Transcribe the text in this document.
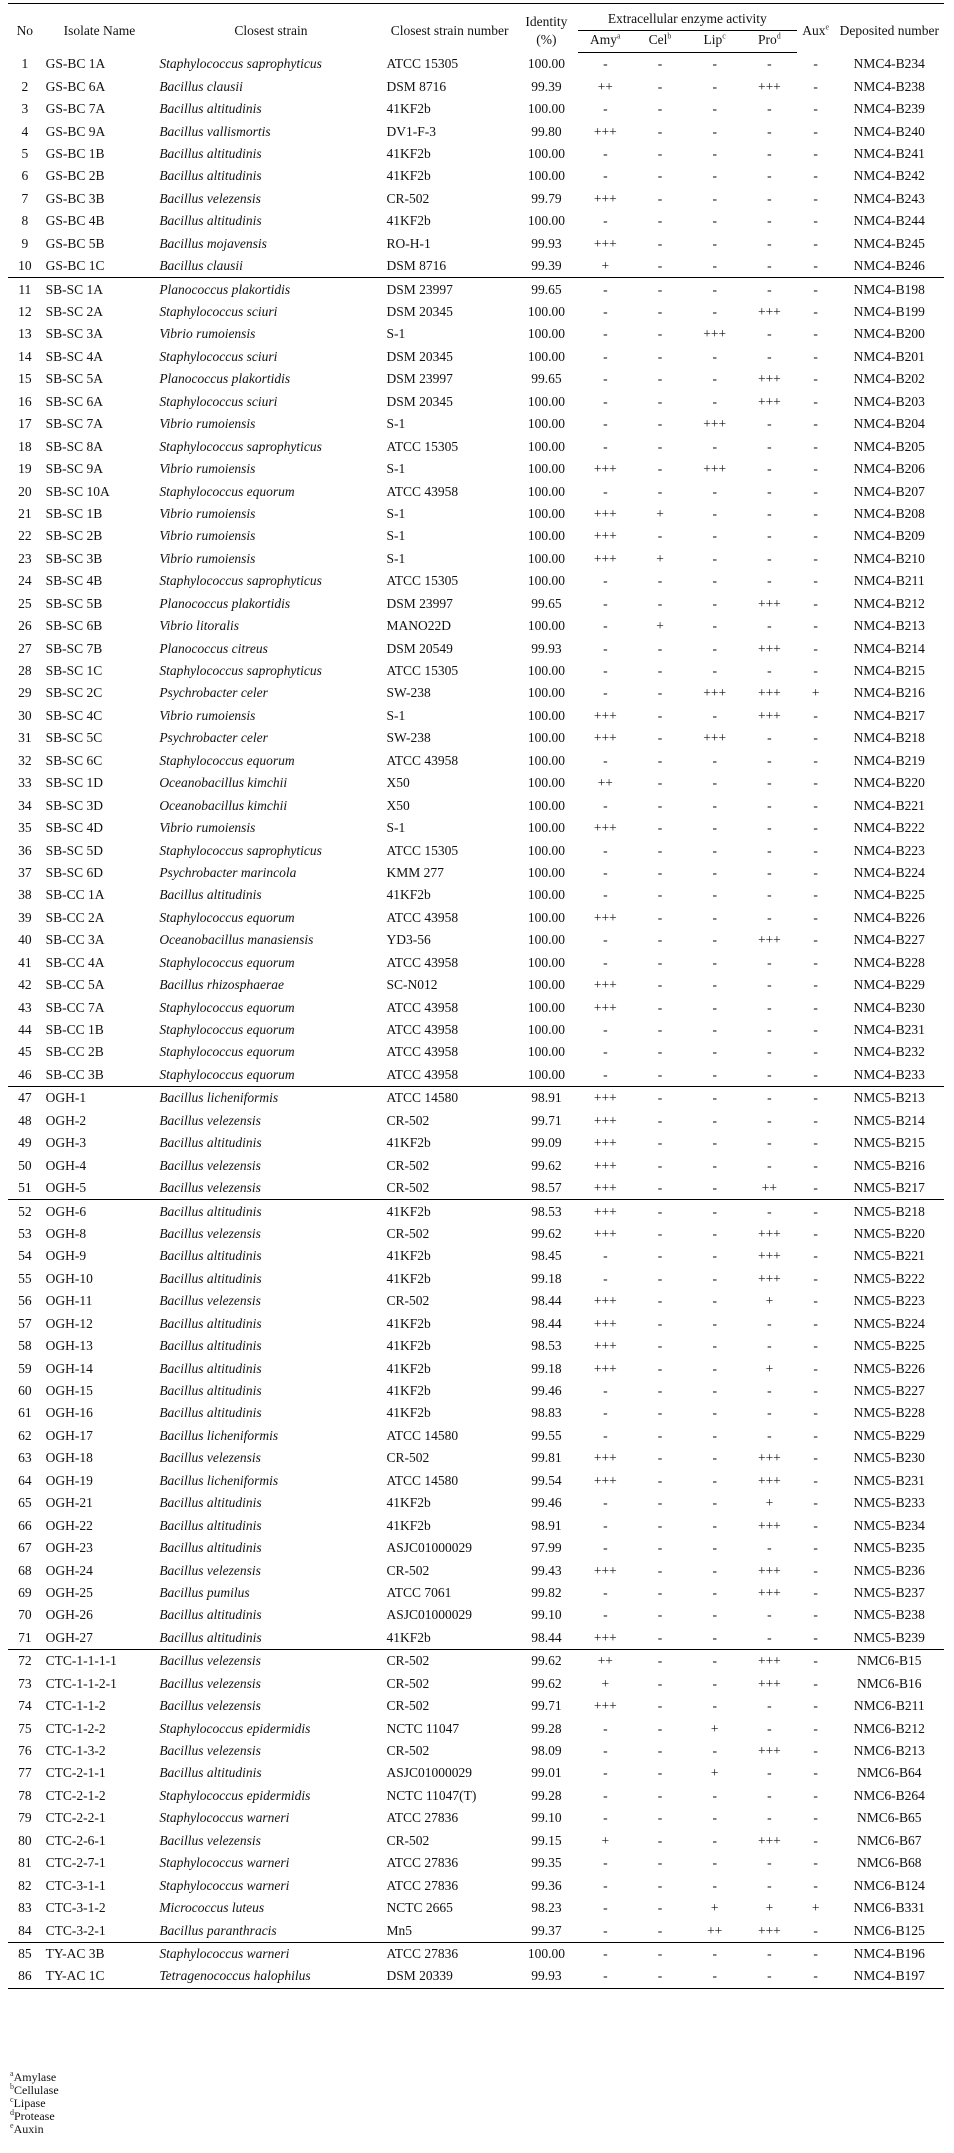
No	Isolate Name	Closest strain	Closest strain number	Identity (%)	Extracellular enzyme activity				Aux$^e$	Deposited number
					Amy$^a$	Cel$^b$	Lip$^c$	Pro$^d$
1	GS-BC 1A	Staphylococcus saprophyticus	ATCC 15305	100.00	-	-	-	-	-	NMC4-B234
2	GS-BC 6A	Bacillus clausii	DSM 8716	99.39	++	-	-	+++	-	NMC4-B238
3	GS-BC 7A	Bacillus altitudinis	41KF2b	100.00	-	-	-	-	-	NMC4-B239
4	GS-BC 9A	Bacillus vallismortis	DV1-F-3	99.80	+++	-	-	-	-	NMC4-B240
5	GS-BC 1B	Bacillus altitudinis	41KF2b	100.00	-	-	-	-	-	NMC4-B241
6	GS-BC 2B	Bacillus altitudinis	41KF2b	100.00	-	-	-	-	-	NMC4-B242
7	GS-BC 3B	Bacillus velezensis	CR-502	99.79	+++	-	-	-	-	NMC4-B243
8	GS-BC 4B	Bacillus altitudinis	41KF2b	100.00	-	-	-	-	-	NMC4-B244
9	GS-BC 5B	Bacillus mojavensis	RO-H-1	99.93	+++	-	-	-	-	NMC4-B245
10	GS-BC 1C	Bacillus clausii	DSM 8716	99.39	+	-	-	-	-	NMC4-B246
11	SB-SC 1A	Planococcus plakortidis	DSM 23997	99.65	-	-	-	-	-	NMC4-B198
12	SB-SC 2A	Staphylococcus sciuri	DSM 20345	100.00	-	-	-	+++	-	NMC4-B199
13	SB-SC 3A	Vibrio rumoiensis	S-1	100.00	-	-	+++	-	-	NMC4-B200
14	SB-SC 4A	Staphylococcus sciuri	DSM 20345	100.00	-	-	-	-	-	NMC4-B201
15	SB-SC 5A	Planococcus plakortidis	DSM 23997	99.65	-	-	-	+++	-	NMC4-B202
16	SB-SC 6A	Staphylococcus sciuri	DSM 20345	100.00	-	-	-	+++	-	NMC4-B203
17	SB-SC 7A	Vibrio rumoiensis	S-1	100.00	-	-	+++	-	-	NMC4-B204
18	SB-SC 8A	Staphylococcus saprophyticus	ATCC 15305	100.00	-	-	-	-	-	NMC4-B205
19	SB-SC 9A	Vibrio rumoiensis	S-1	100.00	+++	-	+++	-	-	NMC4-B206
20	SB-SC 10A	Staphylococcus equorum	ATCC 43958	100.00	-	-	-	-	-	NMC4-B207
21	SB-SC 1B	Vibrio rumoiensis	S-1	100.00	+++	+	-	-	-	NMC4-B208
22	SB-SC 2B	Vibrio rumoiensis	S-1	100.00	+++	-	-	-	-	NMC4-B209
23	SB-SC 3B	Vibrio rumoiensis	S-1	100.00	+++	+	-	-	-	NMC4-B210
24	SB-SC 4B	Staphylococcus saprophyticus	ATCC 15305	100.00	-	-	-	-	-	NMC4-B211
25	SB-SC 5B	Planococcus plakortidis	DSM 23997	99.65	-	-	-	+++	-	NMC4-B212
26	SB-SC 6B	Vibrio litoralis	MANO22D	100.00	-	+	-	-	-	NMC4-B213
27	SB-SC 7B	Planococcus citreus	DSM 20549	99.93	-	-	-	+++	-	NMC4-B214
28	SB-SC 1C	Staphylococcus saprophyticus	ATCC 15305	100.00	-	-	-	-	-	NMC4-B215
29	SB-SC 2C	Psychrobacter celer	SW-238	100.00	-	-	+++	+++	+	NMC4-B216
30	SB-SC 4C	Vibrio rumoiensis	S-1	100.00	+++	-	-	+++	-	NMC4-B217
31	SB-SC 5C	Psychrobacter celer	SW-238	100.00	+++	-	+++	-	-	NMC4-B218
32	SB-SC 6C	Staphylococcus equorum	ATCC 43958	100.00	-	-	-	-	-	NMC4-B219
33	SB-SC 1D	Oceanobacillus kimchii	X50	100.00	++	-	-	-	-	NMC4-B220
34	SB-SC 3D	Oceanobacillus kimchii	X50	100.00	-	-	-	-	-	NMC4-B221
35	SB-SC 4D	Vibrio rumoiensis	S-1	100.00	+++	-	-	-	-	NMC4-B222
36	SB-SC 5D	Staphylococcus saprophyticus	ATCC 15305	100.00	-	-	-	-	-	NMC4-B223
37	SB-SC 6D	Psychrobacter marincola	KMM 277	100.00	-	-	-	-	-	NMC4-B224
38	SB-CC 1A	Bacillus altitudinis	41KF2b	100.00	-	-	-	-	-	NMC4-B225
39	SB-CC 2A	Staphylococcus equorum	ATCC 43958	100.00	+++	-	-	-	-	NMC4-B226
40	SB-CC 3A	Oceanobacillus manasiensis	YD3-56	100.00	-	-	-	+++	-	NMC4-B227
41	SB-CC 4A	Staphylococcus equorum	ATCC 43958	100.00	-	-	-	-	-	NMC4-B228
42	SB-CC 5A	Bacillus rhizosphaerae	SC-N012	100.00	+++	-	-	-	-	NMC4-B229
43	SB-CC 7A	Staphylococcus equorum	ATCC 43958	100.00	+++	-	-	-	-	NMC4-B230
44	SB-CC 1B	Staphylococcus equorum	ATCC 43958	100.00	-	-	-	-	-	NMC4-B231
45	SB-CC 2B	Staphylococcus equorum	ATCC 43958	100.00	-	-	-	-	-	NMC4-B232
46	SB-CC 3B	Staphylococcus equorum	ATCC 43958	100.00	-	-	-	-	-	NMC4-B233
47	OGH-1	Bacillus licheniformis	ATCC 14580	98.91	+++	-	-	-	-	NMC5-B213
48	OGH-2	Bacillus velezensis	CR-502	99.71	+++	-	-	-	-	NMC5-B214
49	OGH-3	Bacillus altitudinis	41KF2b	99.09	+++	-	-	-	-	NMC5-B215
50	OGH-4	Bacillus velezensis	CR-502	99.62	+++	-	-	-	-	NMC5-B216
51	OGH-5	Bacillus velezensis	CR-502	98.57	+++	-	-	++	-	NMC5-B217
52	OGH-6	Bacillus altitudinis	41KF2b	98.53	+++	-	-	-	-	NMC5-B218
53	OGH-8	Bacillus velezensis	CR-502	99.62	+++	-	-	+++	-	NMC5-B220
54	OGH-9	Bacillus altitudinis	41KF2b	98.45	-	-	-	+++	-	NMC5-B221
55	OGH-10	Bacillus altitudinis	41KF2b	99.18	-	-	-	+++	-	NMC5-B222
56	OGH-11	Bacillus velezensis	CR-502	98.44	+++	-	-	+	-	NMC5-B223
57	OGH-12	Bacillus altitudinis	41KF2b	98.44	+++	-	-	-	-	NMC5-B224
58	OGH-13	Bacillus altitudinis	41KF2b	98.53	+++	-	-	-	-	NMC5-B225
59	OGH-14	Bacillus altitudinis	41KF2b	99.18	+++	-	-	+	-	NMC5-B226
60	OGH-15	Bacillus altitudinis	41KF2b	99.46	-	-	-	-	-	NMC5-B227
61	OGH-16	Bacillus altitudinis	41KF2b	98.83	-	-	-	-	-	NMC5-B228
62	OGH-17	Bacillus licheniformis	ATCC 14580	99.55	-	-	-	-	-	NMC5-B229
63	OGH-18	Bacillus velezensis	CR-502	99.81	+++	-	-	+++	-	NMC5-B230
64	OGH-19	Bacillus licheniformis	ATCC 14580	99.54	+++	-	-	+++	-	NMC5-B231
65	OGH-21	Bacillus altitudinis	41KF2b	99.46	-	-	-	+	-	NMC5-B233
66	OGH-22	Bacillus altitudinis	41KF2b	98.91	-	-	-	+++	-	NMC5-B234
67	OGH-23	Bacillus altitudinis	ASJC01000029	97.99	-	-	-	-	-	NMC5-B235
68	OGH-24	Bacillus velezensis	CR-502	99.43	+++	-	-	+++	-	NMC5-B236
69	OGH-25	Bacillus pumilus	ATCC 7061	99.82	-	-	-	+++	-	NMC5-B237
70	OGH-26	Bacillus altitudinis	ASJC01000029	99.10	-	-	-	-	-	NMC5-B238
71	OGH-27	Bacillus altitudinis	41KF2b	98.44	+++	-	-	-	-	NMC5-B239
72	CTC-1-1-1-1	Bacillus velezensis	CR-502	99.62	++	-	-	+++	-	NMC6-B15
73	CTC-1-1-2-1	Bacillus velezensis	CR-502	99.62	+	-	-	+++	-	NMC6-B16
74	CTC-1-1-2	Bacillus velezensis	CR-502	99.71	+++	-	-	-	-	NMC6-B211
75	CTC-1-2-2	Staphylococcus epidermidis	NCTC 11047	99.28	-	-	+	-	-	NMC6-B212
76	CTC-1-3-2	Bacillus velezensis	CR-502	98.09	-	-	-	+++	-	NMC6-B213
77	CTC-2-1-1	Bacillus altitudinis	ASJC01000029	99.01	-	-	+	-	-	NMC6-B64
78	CTC-2-1-2	Staphylococcus epidermidis	NCTC 11047(T)	99.28	-	-	-	-	-	NMC6-B264
79	CTC-2-2-1	Staphylococcus warneri	ATCC 27836	99.10	-	-	-	-	-	NMC6-B65
80	CTC-2-6-1	Bacillus velezensis	CR-502	99.15	+	-	-	+++	-	NMC6-B67
81	CTC-2-7-1	Staphylococcus warneri	ATCC 27836	99.35	-	-	-	-	-	NMC6-B68
82	CTC-3-1-1	Staphylococcus warneri	ATCC 27836	99.36	-	-	-	-	-	NMC6-B124
83	CTC-3-1-2	Micrococcus luteus	NCTC 2665	98.23	-	-	+	+	+	NMC6-B331
84	CTC-3-2-1	Bacillus paranthracis	Mn5	99.37	-	-	++	+++	-	NMC6-B125
85	TY-AC 3B	Staphylococcus warneri	ATCC 27836	100.00	-	-	-	-	-	NMC4-B196
86	TY-AC 1C	Tetragenococcus halophilus	DSM 20339	99.93	-	-	-	-	-	NMC4-B197
$^a$Amylase
$^b$Cellulase
$^c$Lipase
$^d$Protease
$^e$Auxin
